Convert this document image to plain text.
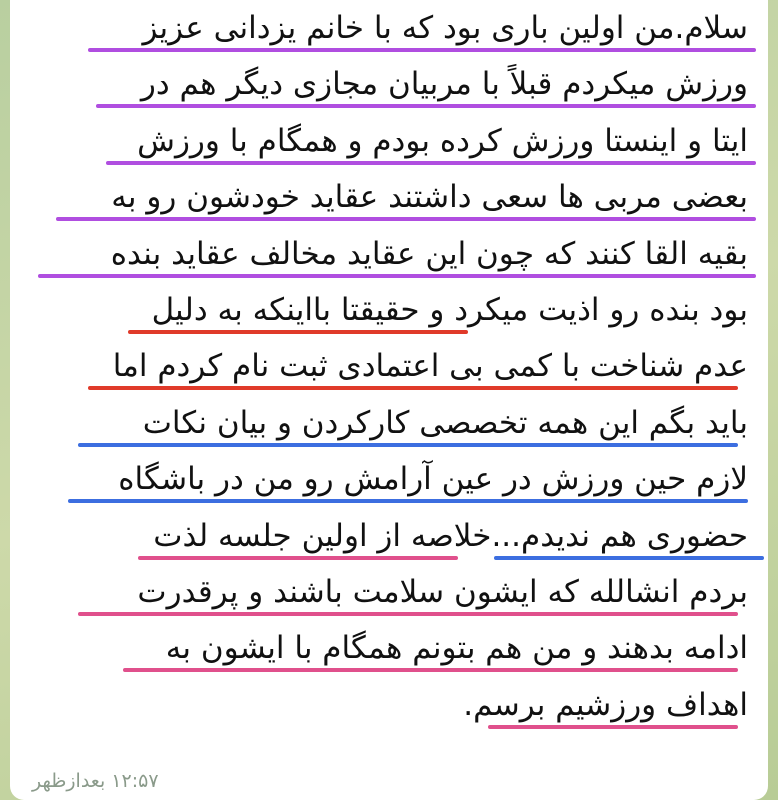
سلام.من اولین باری بود که با خانم یزدانی عزیز
ورزش میکردم قبلاً با مربیان مجازی دیگر هم در
ایتا و اینستا ورزش کرده بودم و همگام با ورزش
بعضی مربی ها سعی داشتند عقاید خودشون رو به
بقیه القا کنند که چون این عقاید مخالف عقاید بنده
بود بنده رو اذیت میکرد و حقیقتا بااینکه به دلیل
عدم شناخت با کمی بی اعتمادی ثبت نام کردم اما
باید بگم این همه تخصصی کارکردن و بیان نکات
لازم حین ورزش در عین آرامش رو من در باشگاه
حضوری هم ندیدم...خلاصه از اولین جلسه لذت
بردم انشالله که ایشون سلامت باشند و پرقدرت
ادامه بدهند و من هم بتونم همگام با ایشون به
اهداف ورزشیم برسم.
۱۲:۵۷ بعدازظهر
